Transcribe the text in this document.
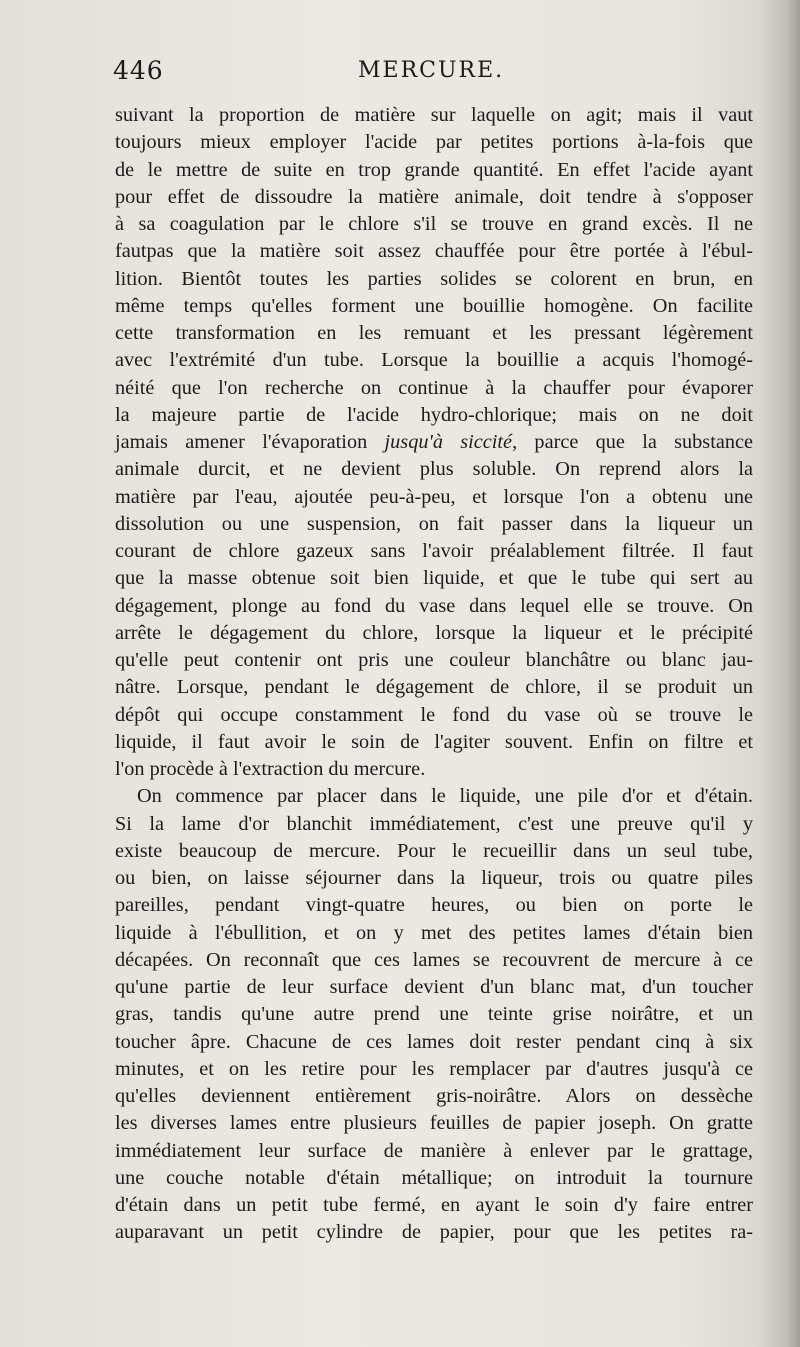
446	MERCURE.
suivant la proportion de matière sur laquelle on agit; mais il vaut
toujours mieux employer l'acide par petites portions à-la-fois que
de le mettre de suite en trop grande quantité. En effet l'acide ayant
pour effet de dissoudre la matière animale, doit tendre à s'opposer
à sa coagulation par le chlore s'il se trouve en grand excès. Il ne
fautpas que la matière soit assez chauffée pour être portée à l'ébul-
lition. Bientôt toutes les parties solides se colorent en brun, en
même temps qu'elles forment une bouillie homogène. On facilite
cette transformation en les remuant et les pressant légèrement
avec l'extrémité d'un tube. Lorsque la bouillie a acquis l'homogé-
néité que l'on recherche on continue à la chauffer pour évaporer
la majeure partie de l'acide hydro-chlorique; mais on ne doit
jamais amener l'évaporation jusqu'à siccité, parce que la substance
animale durcit, et ne devient plus soluble. On reprend alors la
matière par l'eau, ajoutée peu-à-peu, et lorsque l'on a obtenu une
dissolution ou une suspension, on fait passer dans la liqueur un
courant de chlore gazeux sans l'avoir préalablement filtrée. Il faut
que la masse obtenue soit bien liquide, et que le tube qui sert au
dégagement, plonge au fond du vase dans lequel elle se trouve. On
arrête le dégagement du chlore, lorsque la liqueur et le précipité
qu'elle peut contenir ont pris une couleur blanchâtre ou blanc jau-
nâtre. Lorsque, pendant le dégagement de chlore, il se produit un
dépôt qui occupe constamment le fond du vase où se trouve le
liquide, il faut avoir le soin de l'agiter souvent. Enfin on filtre et
l'on procède à l'extraction du mercure.
On commence par placer dans le liquide, une pile d'or et d'étain.
Si la lame d'or blanchit immédiatement, c'est une preuve qu'il y
existe beaucoup de mercure. Pour le recueillir dans un seul tube,
ou bien, on laisse séjourner dans la liqueur, trois ou quatre piles
pareilles, pendant vingt-quatre heures, ou bien on porte le
liquide à l'ébullition, et on y met des petites lames d'étain bien
décapées. On reconnaît que ces lames se recouvrent de mercure à ce
qu'une partie de leur surface devient d'un blanc mat, d'un toucher
gras, tandis qu'une autre prend une teinte grise noirâtre, et un
toucher âpre. Chacune de ces lames doit rester pendant cinq à six
minutes, et on les retire pour les remplacer par d'autres jusqu'à ce
qu'elles deviennent entièrement gris-noirâtre. Alors on dessèche
les diverses lames entre plusieurs feuilles de papier joseph. On gratte
immédiatement leur surface de manière à enlever par le grattage,
une couche notable d'étain métallique; on introduit la tournure
d'étain dans un petit tube fermé, en ayant le soin d'y faire entrer
auparavant un petit cylindre de papier, pour que les petites ra-
